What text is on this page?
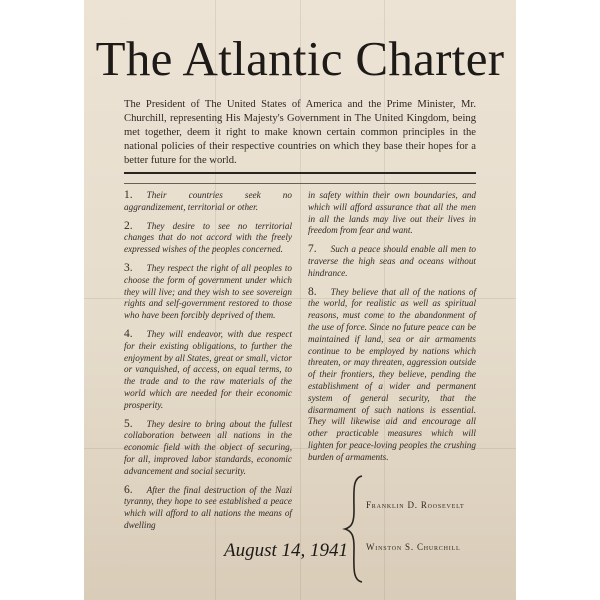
The Atlantic Charter
The President of The United States of America and the Prime Minister, Mr. Churchill, representing His Majesty's Government in The United Kingdom, being met together, deem it right to make known certain common principles in the national policies of their respective countries on which they base their hopes for a better future for the world.
1. Their countries seek no aggrandizement, territorial or other.
2. They desire to see no territorial changes that do not accord with the freely expressed wishes of the peoples concerned.
3. They respect the right of all peoples to choose the form of government under which they will live; and they wish to see sovereign rights and self-government restored to those who have been forcibly deprived of them.
4. They will endeavor, with due respect for their existing obligations, to further the enjoyment by all States, great or small, victor or vanquished, of access, on equal terms, to the trade and to the raw materials of the world which are needed for their economic prosperity.
5. They desire to bring about the fullest collaboration between all nations in the economic field with the object of securing, for all, improved labor standards, economic advancement and social security.
6. After the final destruction of the Nazi tyranny, they hope to see established a peace which will afford to all nations the means of dwelling
August 14, 1941
in safety within their own boundaries, and which will afford assurance that all the men in all the lands may live out their lives in freedom from fear and want.
7. Such a peace should enable all men to traverse the high seas and oceans without hindrance.
8. They believe that all of the nations of the world, for realistic as well as spiritual reasons, must come to the abandonment of the use of force. Since no future peace can be maintained if land, sea or air armaments continue to be employed by nations which threaten, or may threaten, aggression outside of their frontiers, they believe, pending the establishment of a wider and permanent system of general security, that the disarmament of such nations is essential. They will likewise aid and encourage all other practicable measures which will lighten for peace-loving peoples the crushing burden of armaments.
Franklin D. Roosevelt
Winston S. Churchill
